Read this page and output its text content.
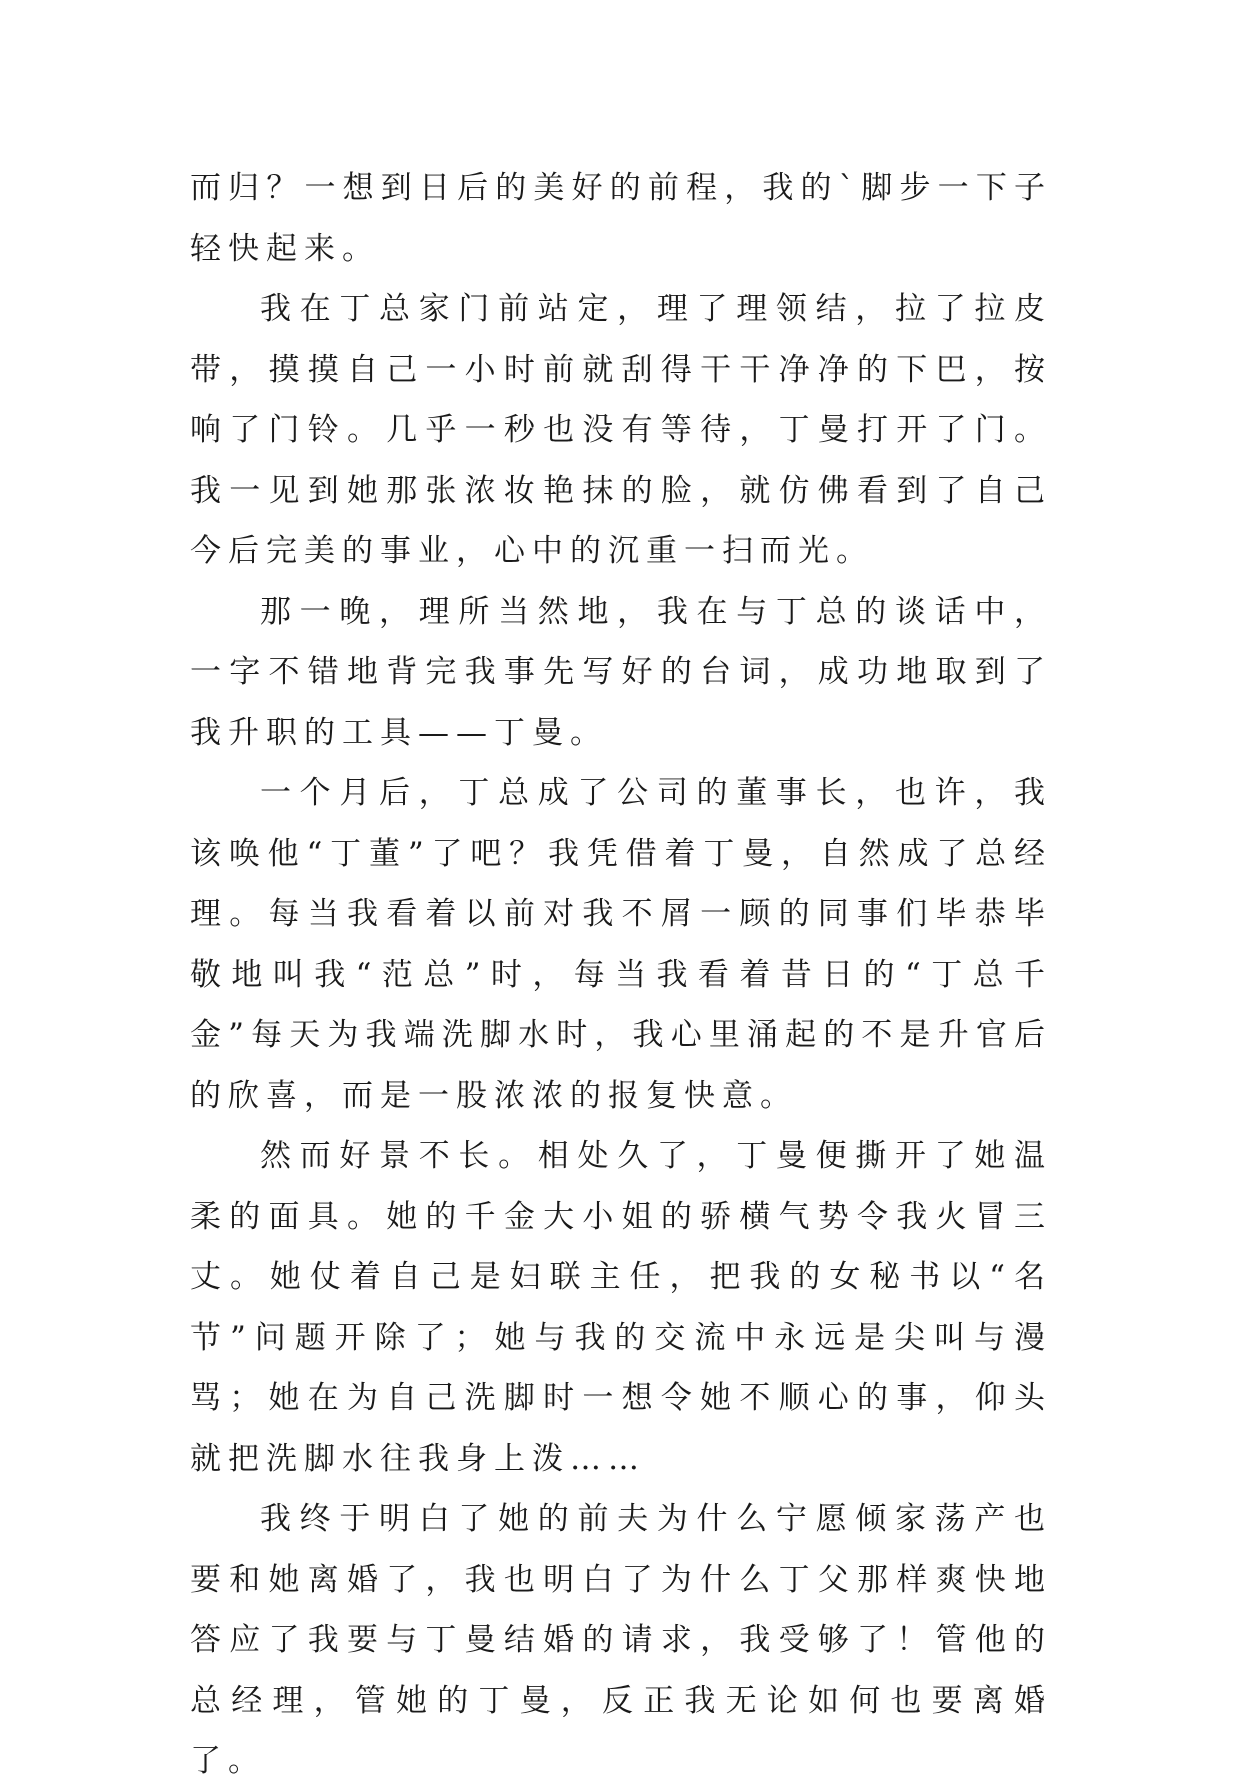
而归？一想到日后的美好的前程，我的`脚步一下子轻快起来。

我在丁总家门前站定，理了理领结，拉了拉皮带，摸摸自己一小时前就刮得干干净净的下巴，按响了门铃。几乎一秒也没有等待，丁曼打开了门。我一见到她那张浓妆艳抹的脸，就仿佛看到了自己今后完美的事业，心中的沉重一扫而光。

那一晚，理所当然地，我在与丁总的谈话中，一字不错地背完我事先写好的台词，成功地取到了我升职的工具——丁曼。

一个月后，丁总成了公司的董事长，也许，我该唤他“丁董”了吧？我凭借着丁曼，自然成了总经理。每当我看着以前对我不屑一顾的同事们毕恭毕敬地叫我“范总”时，每当我看着昔日的“丁总千金”每天为我端洗脚水时，我心里涌起的不是升官后的欣喜，而是一股浓浓的报复快意。

然而好景不长。相处久了，丁曼便撕开了她温柔的面具。她的千金大小姐的骄横气势令我火冒三丈。她仗着自己是妇联主任，把我的女秘书以“名节”问题开除了；她与我的交流中永远是尖叫与漫骂；她在为自己洗脚时一想令她不顺心的事，仰头就把洗脚水往我身上泼……

我终于明白了她的前夫为什么宁愿倾家荡产也要和她离婚了，我也明白了为什么丁父那样爽快地答应了我要与丁曼结婚的请求，我受够了！管他的总经理，管她的丁曼，反正我无论如何也要离婚了。
